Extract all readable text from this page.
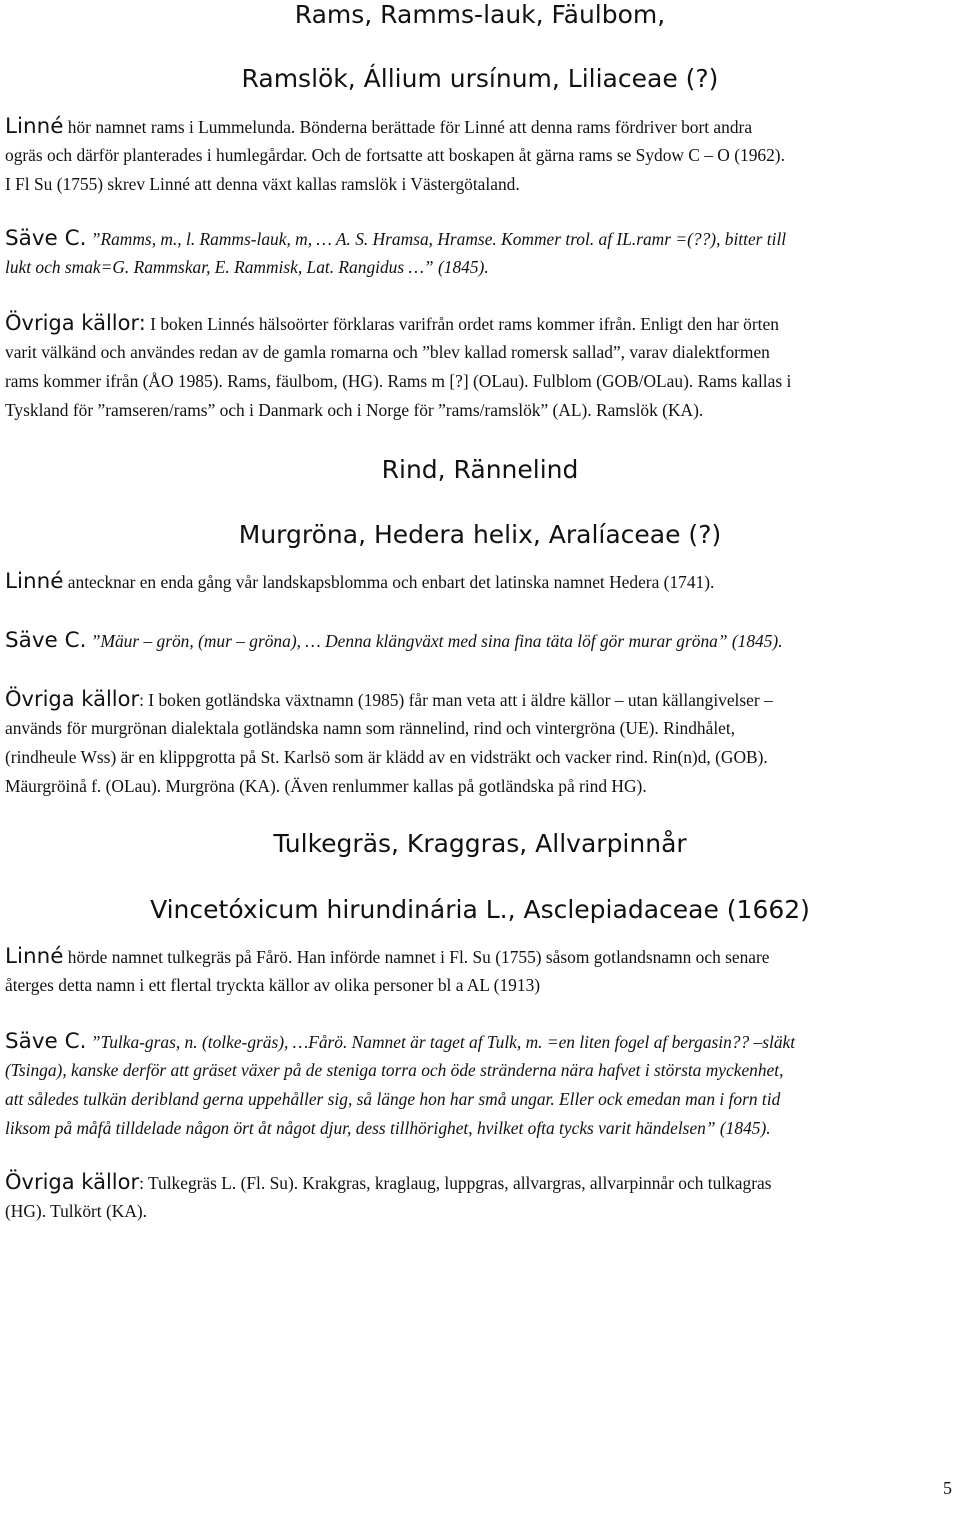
Rams, Ramms-lauk, Fäulbom,
Ramslök, Állium ursínum, Liliaceae (?)
Linné hör namnet rams i Lummelunda. Bönderna berättade för Linné att denna rams fördriver bort andra
ogräs och därför planterades i humlegårdar. Och de fortsatte att boskapen åt gärna rams se Sydow C – O (1962).
I Fl Su (1755) skrev Linné att denna växt kallas ramslök i Västergötaland.
Säve C. ”Ramms, m., l. Ramms-lauk, m, … A. S. Hramsa, Hramse. Kommer trol. af IL.ramr =(??), bitter till
lukt och smak=G. Rammskar, E. Rammisk, Lat. Rangidus …” (1845).
Övriga källor: I boken Linnés hälsoörter förklaras varifrån ordet rams kommer ifrån. Enligt den har örten
varit välkänd och användes redan av de gamla romarna och ”blev kallad romersk sallad”, varav dialektformen
rams kommer ifrån (ÅO 1985). Rams, fäulbom, (HG). Rams m [?] (OLau). Fulblom (GOB/OLau). Rams kallas i
Tyskland för ”ramseren/rams” och i Danmark och i Norge för ”rams/ramslök” (AL). Ramslök (KA).
Rind, Rännelind
Murgröna, Hedera helix, Aralíaceae (?)
Linné antecknar en enda gång vår landskapsblomma och enbart det latinska namnet Hedera (1741).
Säve C. ”Mäur – grön, (mur – gröna), … Denna klängväxt med sina fina täta löf gör murar gröna” (1845).
Övriga källor: I boken gotländska växtnamn (1985) får man veta att i äldre källor – utan källangivelser –
används för murgrönan dialektala gotländska namn som rännelind, rind och vintergröna (UE). Rindhålet,
(rindheule Wss) är en klippgrotta på St. Karlsö som är klädd av en vidsträkt och vacker rind. Rin(n)d, (GOB).
Mäurgröinå f. (OLau). Murgröna (KA). (Även renlummer kallas på gotländska på rind HG).
Tulkegräs, Kraggras, Allvarpinnår
Vincetóxicum hirundinária L., Asclepiadaceae (1662)
Linné hörde namnet tulkegräs på Fårö. Han införde namnet i Fl. Su (1755) såsom gotlandsnamn och senare
återges detta namn i ett flertal tryckta källor av olika personer bl a AL (1913)
Säve C. ”Tulka-gras, n. (tolke-gräs), …Fårö. Namnet är taget af Tulk, m. =en liten fogel af bergasin?? –släkt
(Tsinga), kanske derför att gräset växer på de steniga torra och öde stränderna nära hafvet i största myckenhet,
att således tulkän deribland gerna uppehåller sig, så länge hon har små ungar. Eller ock emedan man i forn tid
liksom på måfå tilldelade någon ört åt något djur, dess tillhörighet, hvilket ofta tycks varit händelsen” (1845).
Övriga källor: Tulkegräs L. (Fl. Su). Krakgras, kraglaug, luppgras, allvargras, allvarpinnår och tulkagras
(HG). Tulkört (KA).
5
